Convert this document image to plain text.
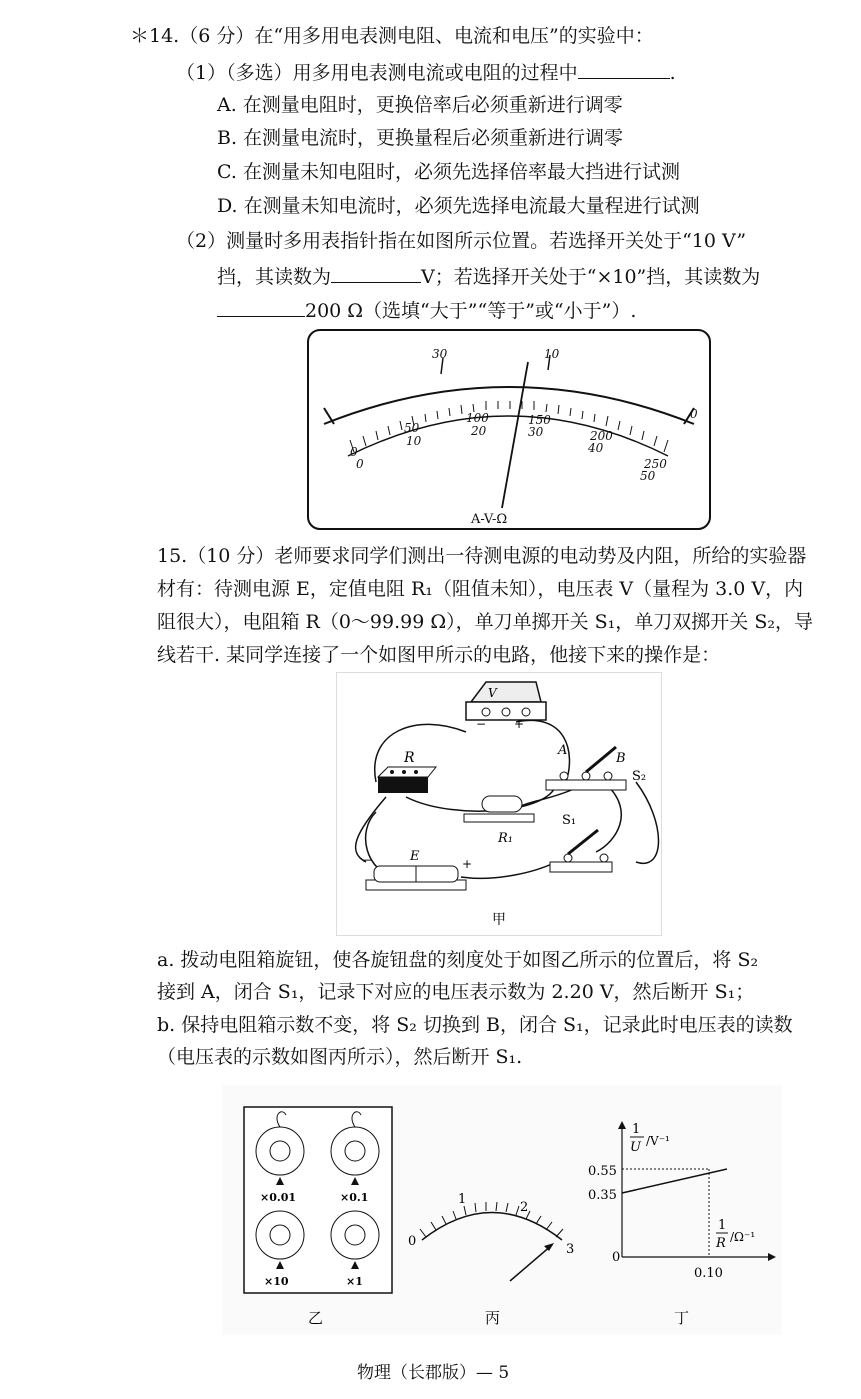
＊14.（6 分）在“用多用电表测电阻、电流和电压”的实验中：
（1）（多选）用多用电表测电流或电阻的过程中	.
A. 在测量电阻时，更换倍率后必须重新进行调零
B. 在测量电流时，更换量程后必须重新进行调零
C. 在测量未知电阻时，必须先选择倍率最大挡进行试测
D. 在测量未知电流时，必须先选择电流最大量程进行试测
（2）测量时多用表指针指在如图所示位置。若选择开关处于“10 V”
挡，其读数为	V；若选择开关处于“×10”挡，其读数为
200 Ω（选填“大于”“等于”或“小于”）.
30	10
0
100
20
50
10
150
30	200
40
250
50
0
0
A-V-Ω
15.（10 分）老师要求同学们测出一待测电源的电动势及内阻，所给的实验器
材有：待测电源 E，定值电阻 R₁（阻值未知），电压表 V（量程为 3.0 V，内
阻很大），电阻箱 R（0～99.99 Ω），单刀单掷开关 S₁，单刀双掷开关 S₂，导
线若干. 某同学连接了一个如图甲所示的电路，他接下来的操作是：
V
− +
R	A
B
S₂
R₁
S₁
E
−	+
甲
a. 拨动电阻箱旋钮，使各旋钮盘的刻度处于如图乙所示的位置后，将 S₂
接到 A，闭合 S₁，记录下对应的电压表示数为 2.20 V，然后断开 S₁；
b. 保持电阻箱示数不变，将 S₂ 切换到 B，闭合 S₁，记录此时电压表的读数
（电压表的示数如图丙所示），然后断开 S₁.
×0.01	×0.1
×10	×1
乙
0
1
2
3
丙
1
U /V⁻¹
0.55
0.35
0
1
R /Ω⁻¹
0.10
丁
物理（长郡版）— 5
